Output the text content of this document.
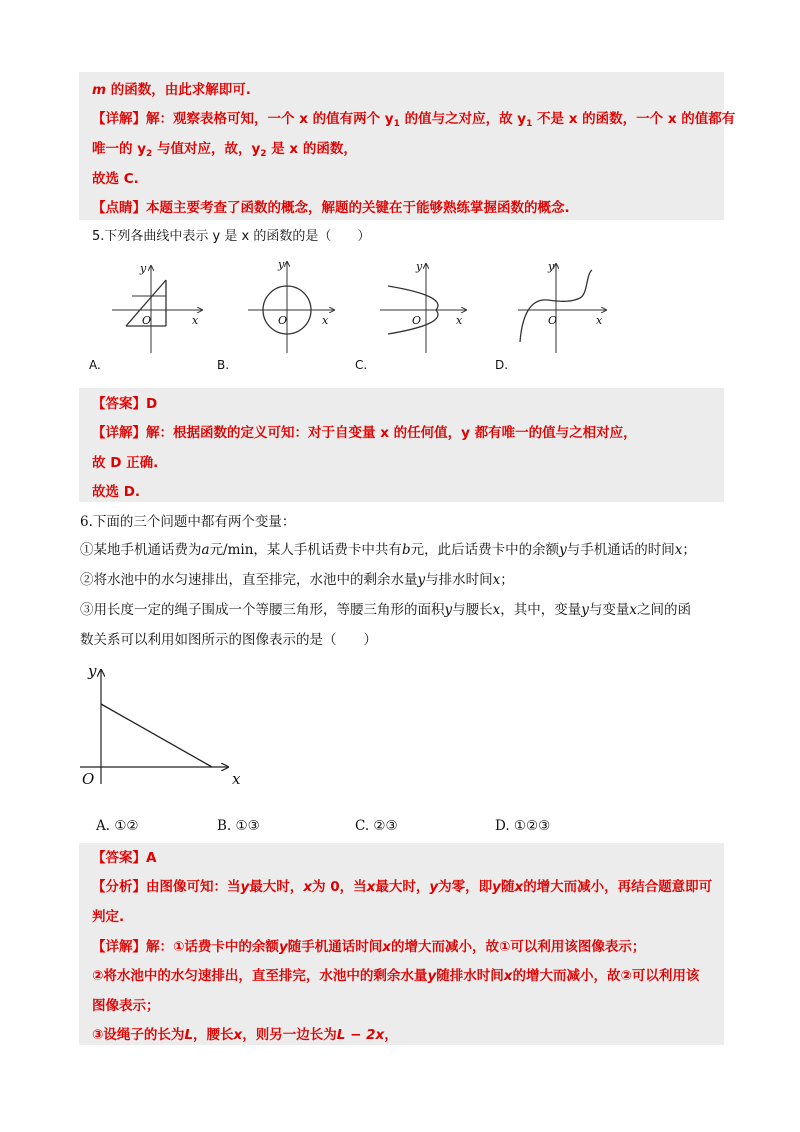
m 的函数，由此求解即可.
【详解】解：观察表格可知，一个 x 的值有两个 $y_1$ 的值与之对应，故 $y_1$ 不是 x 的函数，一个 x 的值都有
唯一的 $y_2$ 与值对应，故，$y_2$ 是 x 的函数，
故选 C.
【点睛】本题主要考查了函数的概念，解题的关键在于能够熟练掌握函数的概念.
5.下列各曲线中表示 y 是 x 的函数的是（　　）
O	x
y
O	x
y
O	x
y
O	x
y
A.	B.	C.	D.
【答案】D
【详解】解：根据函数的定义可知：对于自变量 x 的任何值，y 都有唯一的值与之相对应，
故 D 正确.
故选 D.
6.下面的三个问题中都有两个变量：
①某地手机通话费为a元/min，某人手机话费卡中共有b元，此后话费卡中的余额y与手机通话的时间x；
②将水池中的水匀速排出，直至排完，水池中的剩余水量y与排水时间x；
③用长度一定的绳子围成一个等腰三角形，等腰三角形的面积y与腰长x，其中，变量y与变量x之间的函
数关系可以利用如图所示的图像表示的是（　　）
O	x
y
A. ①②	B. ①③	C. ②③	D. ①②③
【答案】A
【分析】由图像可知：当y最大时，x为 0，当x最大时，y为零，即y随x的增大而减小，再结合题意即可
判定.
【详解】解：①话费卡中的余额y随手机通话时间x的增大而减小，故①可以利用该图像表示；
②将水池中的水匀速排出，直至排完，水池中的剩余水量y随排水时间x的增大而减小，故②可以利用该
图像表示；
③设绳子的长为L，腰长x，则另一边长为L − 2x，
